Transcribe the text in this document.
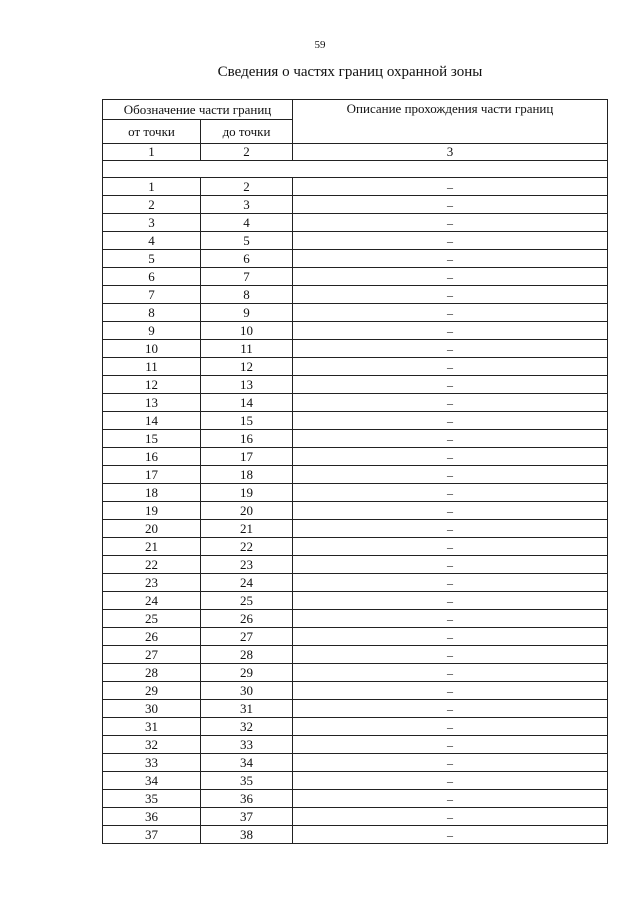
59
Сведения о частях границ охранной зоны
Обозначение части границ		Описание прохождения части границ
от точки	до точки	
1	2	3

1	2	–
2	3	–
3	4	–
4	5	–
5	6	–
6	7	–
7	8	–
8	9	–
9	10	–
10	11	–
11	12	–
12	13	–
13	14	–
14	15	–
15	16	–
16	17	–
17	18	–
18	19	–
19	20	–
20	21	–
21	22	–
22	23	–
23	24	–
24	25	–
25	26	–
26	27	–
27	28	–
28	29	–
29	30	–
30	31	–
31	32	–
32	33	–
33	34	–
34	35	–
35	36	–
36	37	–
37	38	–
